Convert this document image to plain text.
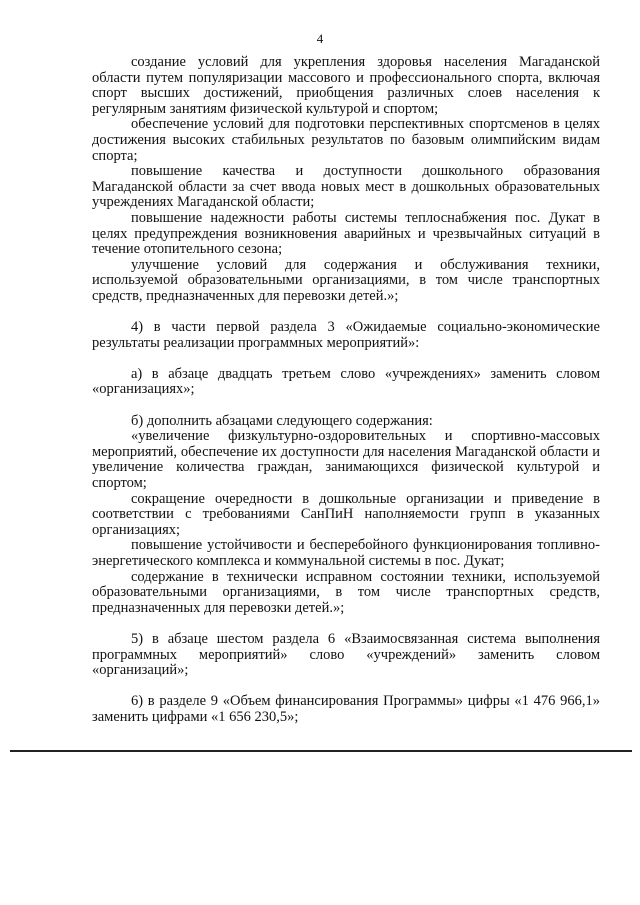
4

создание условий для укрепления здоровья населения Магаданской области путем популяризации массового и профессионального спорта, включая спорт высших достижений, приобщения различных слоев населения к регулярным занятиям физической культурой и спортом;

обеспечение условий для подготовки перспективных спортсменов в целях достижения высоких стабильных результатов по базовым олимпийским видам спорта;

повышение качества и доступности дошкольного образования Магаданской области за счет ввода новых мест в дошкольных образовательных учреждениях Магаданской области;

повышение надежности работы системы теплоснабжения пос. Дукат в целях предупреждения возникновения аварийных и чрезвычайных ситуаций в течение отопительного сезона;

улучшение условий для содержания и обслуживания техники, используемой образовательными организациями, в том числе транспортных средств, предназначенных для перевозки детей.»;

4) в части первой раздела 3 «Ожидаемые социально-экономические результаты реализации программных мероприятий»:

а) в абзаце двадцать третьем слово «учреждениях» заменить словом «организациях»;

б) дополнить абзацами следующего содержания:

«увеличение физкультурно-оздоровительных и спортивно-массовых мероприятий, обеспечение их доступности для населения Магаданской области и увеличение количества граждан, занимающихся физической культурой и спортом;

сокращение очередности в дошкольные организации и приведение в соответствии с требованиями СанПиН наполняемости групп в указанных организациях;

повышение устойчивости и бесперебойного функционирования топливно-энергетического комплекса и коммунальной системы в пос. Дукат;

содержание в технически исправном состоянии техники, используемой образовательными организациями, в том числе транспортных средств, предназначенных для перевозки детей.»;

5) в абзаце шестом раздела 6 «Взаимосвязанная система выполнения программных мероприятий» слово «учреждений» заменить словом «организаций»;

6) в разделе 9 «Объем финансирования Программы» цифры «1 476 966,1» заменить цифрами «1 656 230,5»;
